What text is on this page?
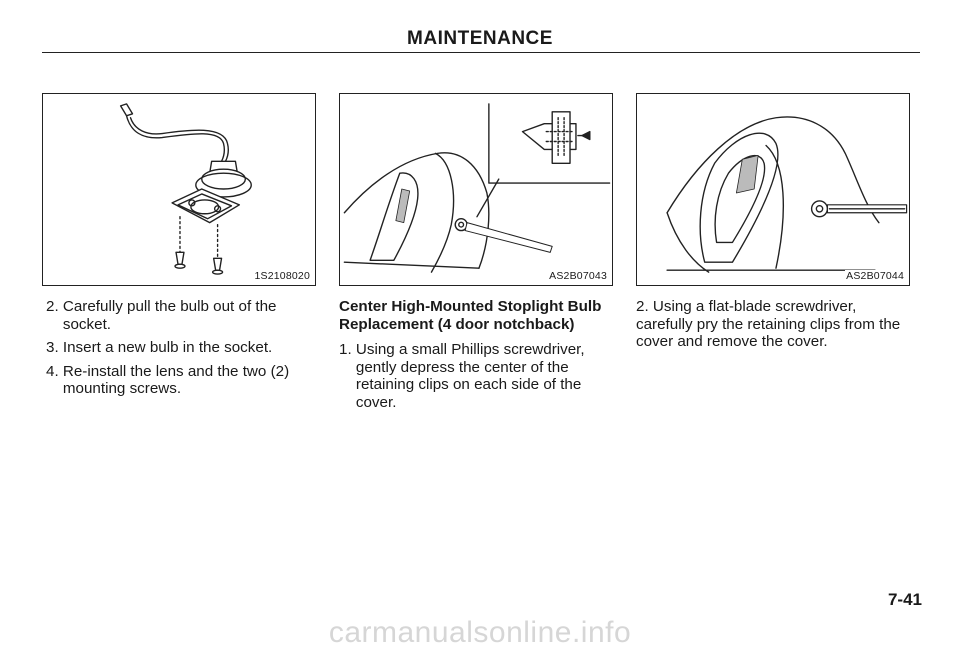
MAINTENANCE
1S2108020	AS2B07043	AS2B07044
2. Carefully pull the bulb out of the socket.
3. Insert a new bulb in the socket.
4. Re-install the lens and the two (2) mounting screws.
Center High-Mounted Stoplight Bulb Replacement (4 door notchback)
1. Using a small Phillips screwdriver, gently depress the center of the retaining clips on each side of the cover.

2. Using a flat-blade screwdriver, carefully pry the retaining clips from the cover and remove the cover.

7-41
carmanualsonline.info
